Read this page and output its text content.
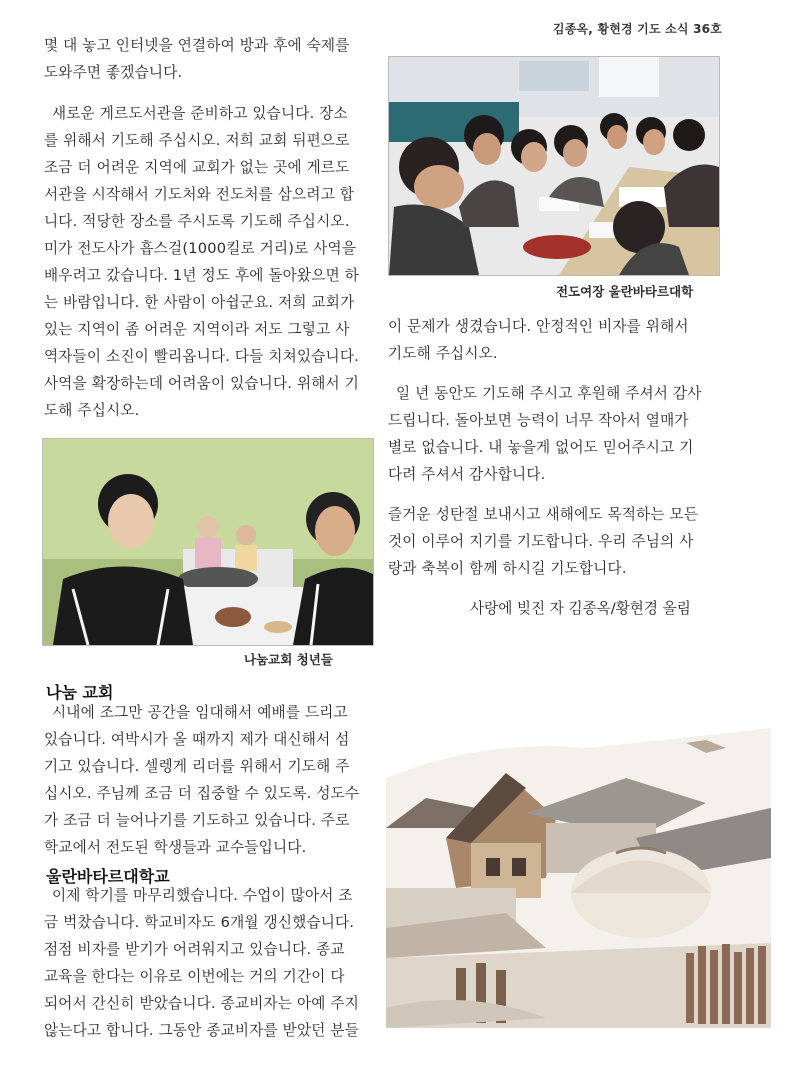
김종옥, 황현경 기도 소식 36호
몇 대 놓고 인터넷을 연결하여 방과 후에 숙제를
도와주면 좋겠습니다.
새로운 게르도서관을 준비하고 있습니다. 장소
를 위해서 기도해 주십시오. 저희 교회 뒤편으로
조금 더 어려운 지역에 교회가 없는 곳에 게르도
서관을 시작해서 기도처와 전도처를 삼으려고 합
니다. 적당한 장소를 주시도록 기도해 주십시오.
미가 전도사가 흡스걸(1000킬로 거리)로 사역을
배우려고 갔습니다. 1년 정도 후에 돌아왔으면 하
는 바람입니다. 한 사람이 아쉽군요. 저희 교회가
있는 지역이 좀 어려운 지역이라 저도 그렇고 사
역자들이 소진이 빨리옵니다. 다들 치쳐있습니다.
사역을 확장하는데 어려움이 있습니다. 위해서 기
도해 주십시오.
나눔교회 청년들
나눔 교회
시내에 조그만 공간을 임대해서 예배를 드리고
있습니다. 여박시가 올 때까지 제가 대신해서 섬
기고 있습니다. 셀렝게 리더를 위해서 기도해 주
십시오. 주님께 조금 더 집중할 수 있도록. 성도수
가 조금 더 늘어나기를 기도하고 있습니다. 주로
학교에서 전도된 학생들과 교수들입니다.
울란바타르대학교
이제 학기를 마무리했습니다. 수업이 많아서 조
금 벅찼습니다. 학교비자도 6개월 갱신했습니다.
점점 비자를 받기가 어려워지고 있습니다. 종교
교육을 한다는 이유로 이번에는 거의 기간이 다
되어서 간신히 받았습니다. 종교비자는 아예 주지
않는다고 합니다. 그동안 종교비자를 받았던 분들
전도여장 울란바타르대학
이 문제가 생겼습니다. 안정적인 비자를 위해서
기도해 주십시오.
일 년 동안도 기도해 주시고 후원해 주셔서 감사
드립니다. 돌아보면 능력이 너무 작아서 열매가
별로 없습니다. 내 놓을게 없어도 믿어주시고 기
다려 주셔서 감사합니다.
즐거운 성탄절 보내시고 새해에도 목적하는 모든
것이 이루어 지기를 기도합니다. 우리 주님의 사
랑과 축복이 함께 하시길 기도합니다.
사랑에 빚진 자 김종옥/황현경 올림
